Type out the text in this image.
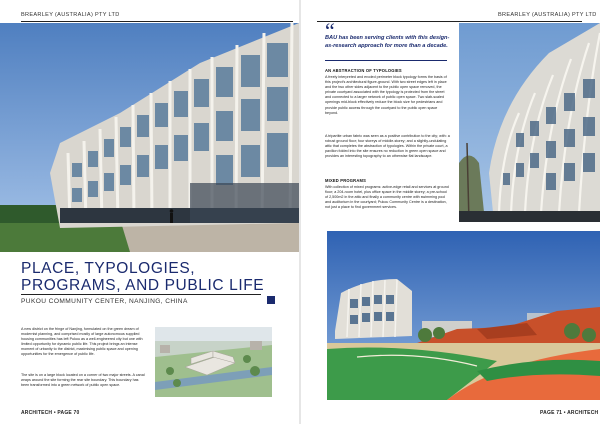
BREARLEY (AUSTRALIA) PTY LTD
PLACE, TYPOLOGIES, PROGRAMS, AND PUBLIC LIFE

PUKOU COMMUNITY CENTER, NANJING, CHINA

A new district on the fringe of Nanjing, formulated on the green dream of modernist planning, and comprised mostly of large autonomous supplied housing communities has left Pukou as a well-engineered city but one with limited opportunity for dynamic public life. This project brings an intense moment of urbanity to the district, maximising public space and opening opportunities for the emergence of public life.

The site is on a large block located on a corner of two major streets. A canal wraps around the site forming the rear site boundary. This boundary has been transformed into a green network of public open space.

ARCHITECH • PAGE 70
BREARLEY (AUSTRALIA) PTY LTD
“

BAU has been serving clients with this design-as-research approach for more than a decade.

AN ABSTRACTION OF TYPOLOGIES

A freely interpreted and eroded perimeter block typology forms the basis of this project's architectural figure-ground. With two street edges left in place and the two other sides adjacent to the public open space removed, the private courtyard associated with the typology is protected from the street and connected to a larger network of public open space. Two slab-scaled openings mid-block effectively reduce the block size for pedestrians and provide public access through the courtyard to the public open space beyond.

A tripartite urban fabric was seen as a positive contribution to the city; with: a robust ground floor; four storeys of middle-storey; and a slightly-undulating attic that completes the abstraction of typologies. Within the private court, a pavilion folded into the site ensures no reduction in green open space and provides an interesting topography to an otherwise flat landscape.

MIXED PROGRAMS

With collection of mixed programs: active-edge retail and services at ground floor; a 204-room hotel, plus office space in the middle storey; a pre-school of 2,500m2 in the attic and finally a community centre with swimming pool and auditorium in the courtyard; Pukou Community Centre is a destination, not just a place to find government services.

PAGE 71 • ARCHITECH
